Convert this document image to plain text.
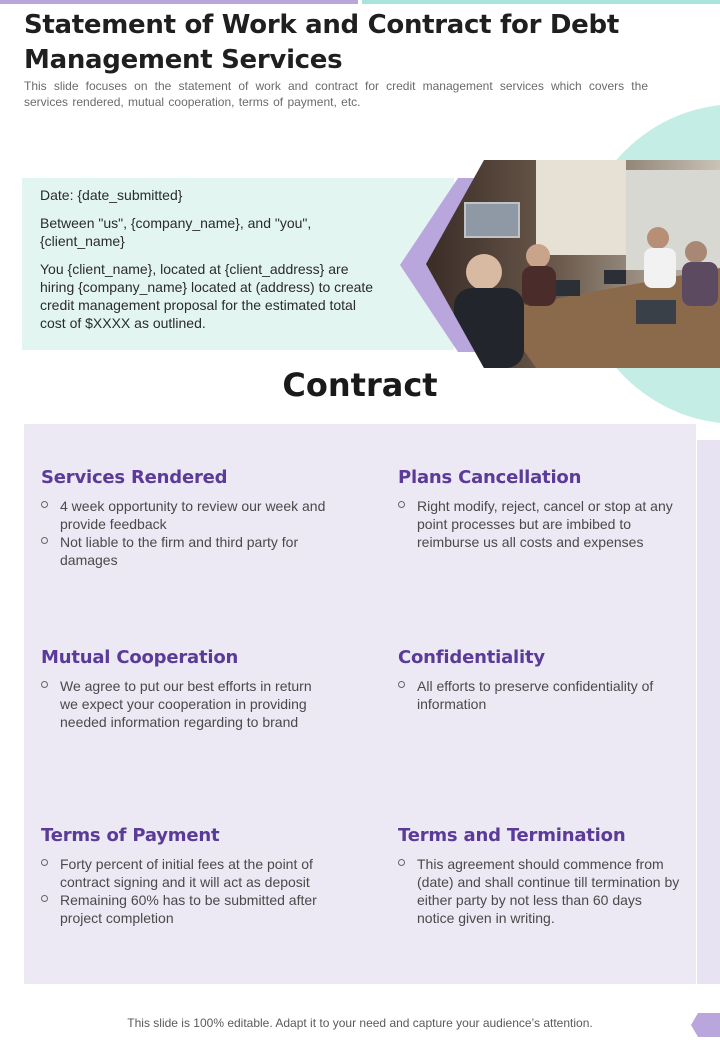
Statement of Work and Contract for Debt Management Services

This slide focuses on the statement of work and contract for credit management services which covers the services rendered, mutual cooperation, terms of payment, etc.

Date: {date_submitted}

Between "us", {company_name}, and "you", {client_name}

You {client_name}, located at {client_address} are hiring {company_name} located at (address) to create credit management proposal for the estimated total cost of $XXXX as outlined.

Contract
Services Rendered
4 week opportunity to review our week and provide feedback
Not liable to the firm and third party for damages
Plans Cancellation
Right modify, reject, cancel or stop at any point processes but are imbibed to reimburse us all costs and expenses
Mutual Cooperation
We agree to put our best efforts in return we expect your cooperation in providing needed information regarding to brand
Confidentiality
All efforts to preserve confidentiality of information
Terms of Payment
Forty percent of initial fees at the point of contract signing and it will act as deposit
Remaining 60% has to be submitted after project completion
Terms and Termination
This agreement should commence from (date) and shall continue till termination by either party by not less than 60 days notice given in writing.
This slide is 100% editable. Adapt it to your need and capture your audience’s attention.
